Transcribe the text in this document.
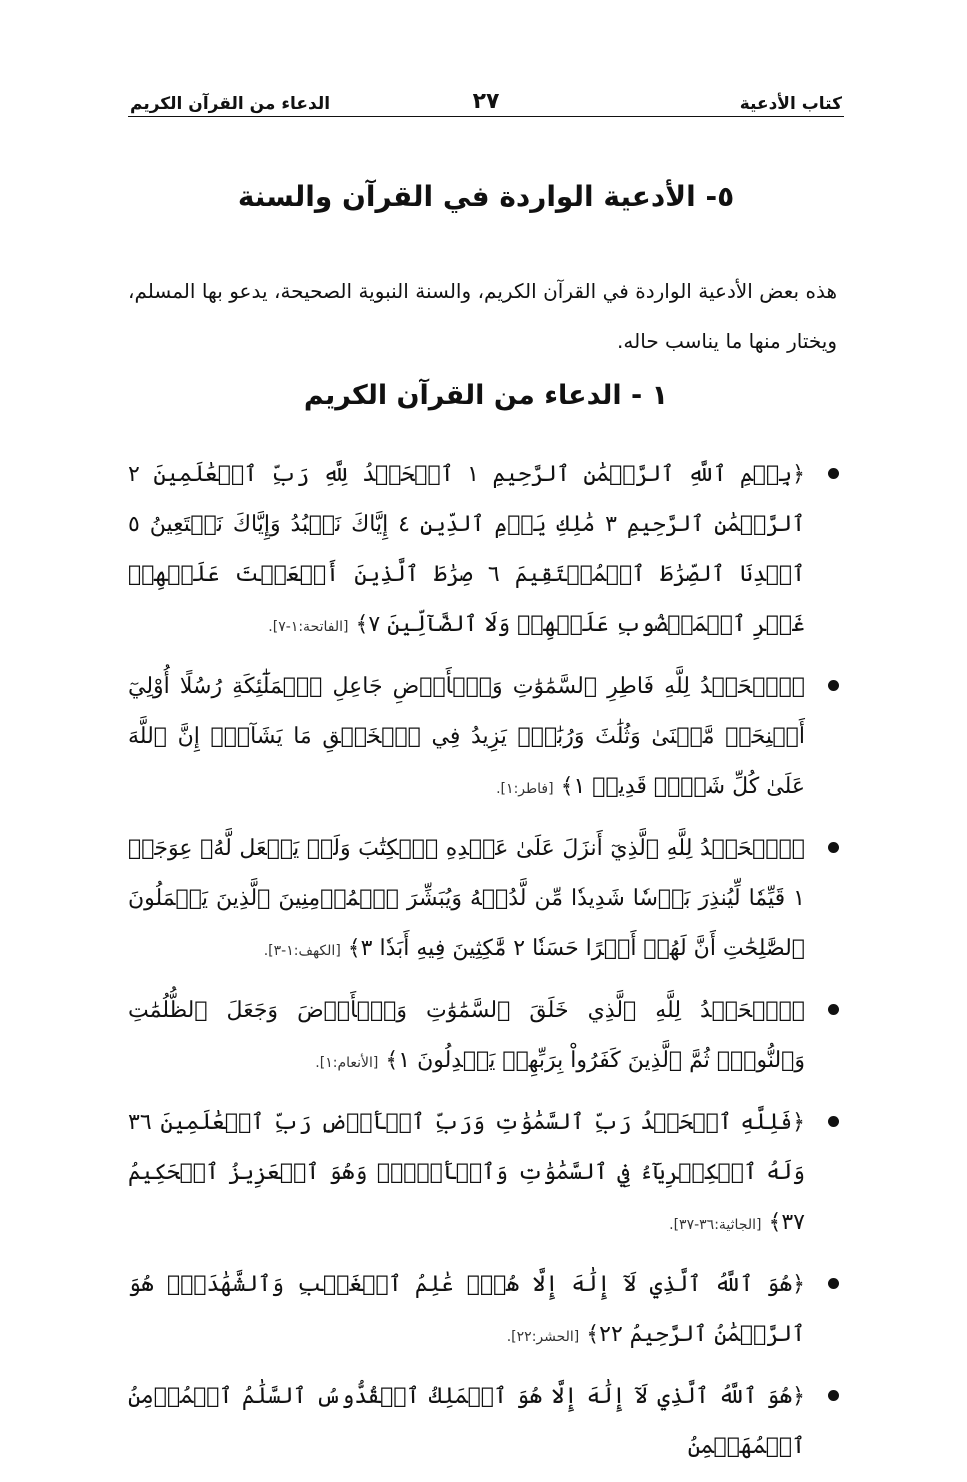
الدعاء من القرآن الكريم	٢٧	كتاب الأدعية
٥- الأدعية الواردة في القرآن والسنة
هذه بعض الأدعية الواردة في القرآن الكريم، والسنة النبوية الصحيحة، يدعو بها المسلم، ويختار منها ما يناسب حاله.
١ - الدعاء من القرآن الكريم
﴿بِسۡمِ ٱللَّهِ ٱلرَّحۡمَٰنِ ٱلرَّحِيمِ ١ ٱلۡحَمۡدُ لِلَّهِ رَبِّ ٱلۡعَٰلَمِينَ ٢ ٱلرَّحۡمَٰنِ ٱلرَّحِيمِ ٣ مَٰلِكِ يَوۡمِ ٱلدِّينِ ٤ إِيَّاكَ نَعۡبُدُ وَإِيَّاكَ نَسۡتَعِينُ ٥ ٱهۡدِنَا ٱلصِّرَٰطَ ٱلۡمُسۡتَقِيمَ ٦ صِرَٰطَ ٱلَّذِينَ أَنۡعَمۡتَ عَلَيۡهِمۡ غَيۡرِ ٱلۡمَغۡضُوبِ عَلَيۡهِمۡ وَلَا ٱلضَّآلِّينَ ٧﴾ [الفاتحة:١-٧].
﴿ٱلۡحَمۡدُ لِلَّهِ فَاطِرِ ٱلسَّمَٰوَٰتِ وَٱلۡأَرۡضِ جَاعِلِ ٱلۡمَلَٰٓئِكَةِ رُسُلًا أُوْلِيٓ أَجۡنِحَةٖ مَّثۡنَىٰ وَثُلَٰثَ وَرُبَٰعَۚ يَزِيدُ فِي ٱلۡخَلۡقِ مَا يَشَآءُۚ إِنَّ ٱللَّهَ عَلَىٰ كُلِّ شَيۡءٖ قَدِيرٞ ١﴾ [فاطر:١].
﴿ٱلۡحَمۡدُ لِلَّهِ ٱلَّذِيٓ أَنزَلَ عَلَىٰ عَبۡدِهِ ٱلۡكِتَٰبَ وَلَمۡ يَجۡعَل لَّهُۥ عِوَجَاۜ ١ قَيِّمٗا لِّيُنذِرَ بَأۡسٗا شَدِيدٗا مِّن لَّدُنۡهُ وَيُبَشِّرَ ٱلۡمُؤۡمِنِينَ ٱلَّذِينَ يَعۡمَلُونَ ٱلصَّٰلِحَٰتِ أَنَّ لَهُمۡ أَجۡرًا حَسَنٗا ٢ مَّٰكِثِينَ فِيهِ أَبَدٗا ٣﴾ [الكهف:١-٣].
﴿ٱلۡحَمۡدُ لِلَّهِ ٱلَّذِي خَلَقَ ٱلسَّمَٰوَٰتِ وَٱلۡأَرۡضَ وَجَعَلَ ٱلظُّلُمَٰتِ وَٱلنُّورَۖ ثُمَّ ٱلَّذِينَ كَفَرُواْ بِرَبِّهِمۡ يَعۡدِلُونَ ١﴾ [الأنعام:١].
﴿فَلِلَّهِ ٱلۡحَمۡدُ رَبِّ ٱلسَّمَٰوَٰتِ وَرَبِّ ٱلۡأَرۡضِ رَبِّ ٱلۡعَٰلَمِينَ ٣٦ وَلَهُ ٱلۡكِبۡرِيَآءُ فِي ٱلسَّمَٰوَٰتِ وَٱلۡأَرۡضِۖ وَهُوَ ٱلۡعَزِيزُ ٱلۡحَكِيمُ ٣٧﴾ [الجاثية:٣٦-٣٧].
﴿هُوَ ٱللَّهُ ٱلَّذِي لَآ إِلَٰهَ إِلَّا هُوَۖ عَٰلِمُ ٱلۡغَيۡبِ وَٱلشَّهَٰدَةِۖ هُوَ ٱلرَّحۡمَٰنُ ٱلرَّحِيمُ ٢٢﴾ [الحشر:٢٢].
﴿هُوَ ٱللَّهُ ٱلَّذِي لَآ إِلَٰهَ إِلَّا هُوَ ٱلۡمَلِكُ ٱلۡقُدُّوسُ ٱلسَّلَٰمُ ٱلۡمُؤۡمِنُ ٱلۡمُهَيۡمِنُ
